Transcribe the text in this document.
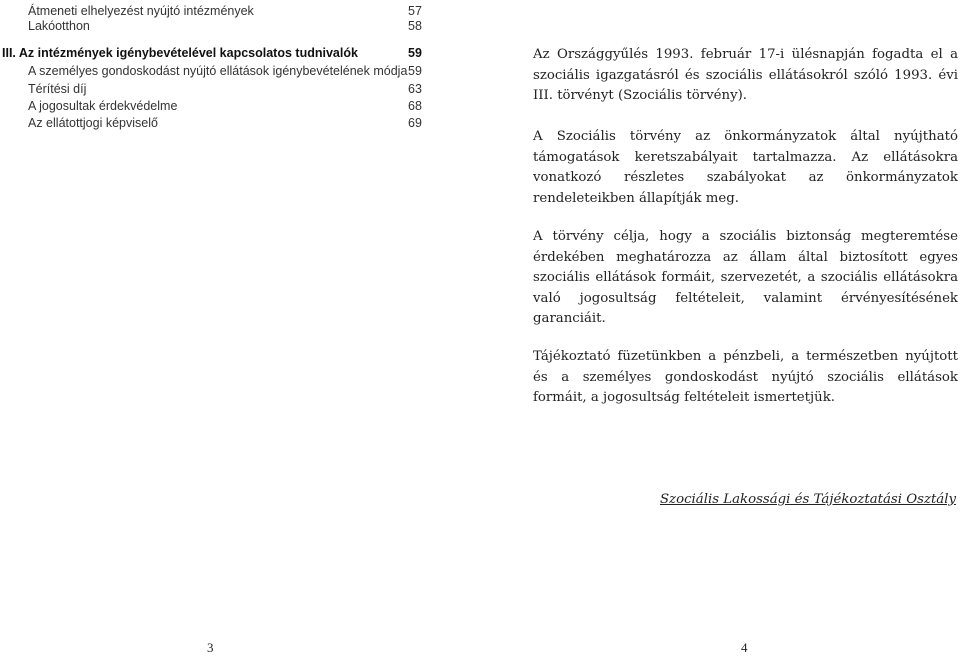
Átmeneti elhelyezést nyújtó intézmények	57
Lakóotthon	58
III. Az intézmények igénybevételével kapcsolatos tudnivalók	59
A személyes gondoskodást nyújtó ellátások igénybevételének módja 59
Térítési díj	63
A jogosultak érdekvédelme	68
Az ellátottjogi képviselő	69
Az Országgyűlés 1993. február 17-i ülésnapján fogadta el a
szociális igazgatásról és szociális ellátásokról szóló 1993. évi
III. törvényt (Szociális törvény).
A Szociális törvény az önkormányzatok által nyújtható
támogatások keretszabályait tartalmazza. Az ellátásokra
vonatkozó részletes szabályokat az önkormányzatok
rendeleteikben állapítják meg.
A törvény célja, hogy a szociális biztonság megteremtése
érdekében meghatározza az állam által biztosított egyes
szociális ellátások formáit, szervezetét, a szociális ellátásokra
való jogosultság feltételeit, valamint érvényesítésének
garanciáit.
Tájékoztató füzetünkben a pénzbeli, a természetben nyújtott
és a személyes gondoskodást nyújtó szociális ellátások
formáit, a jogosultság feltételeit ismertetjük.
Szociális Lakossági és Tájékoztatási Osztály
3	4
